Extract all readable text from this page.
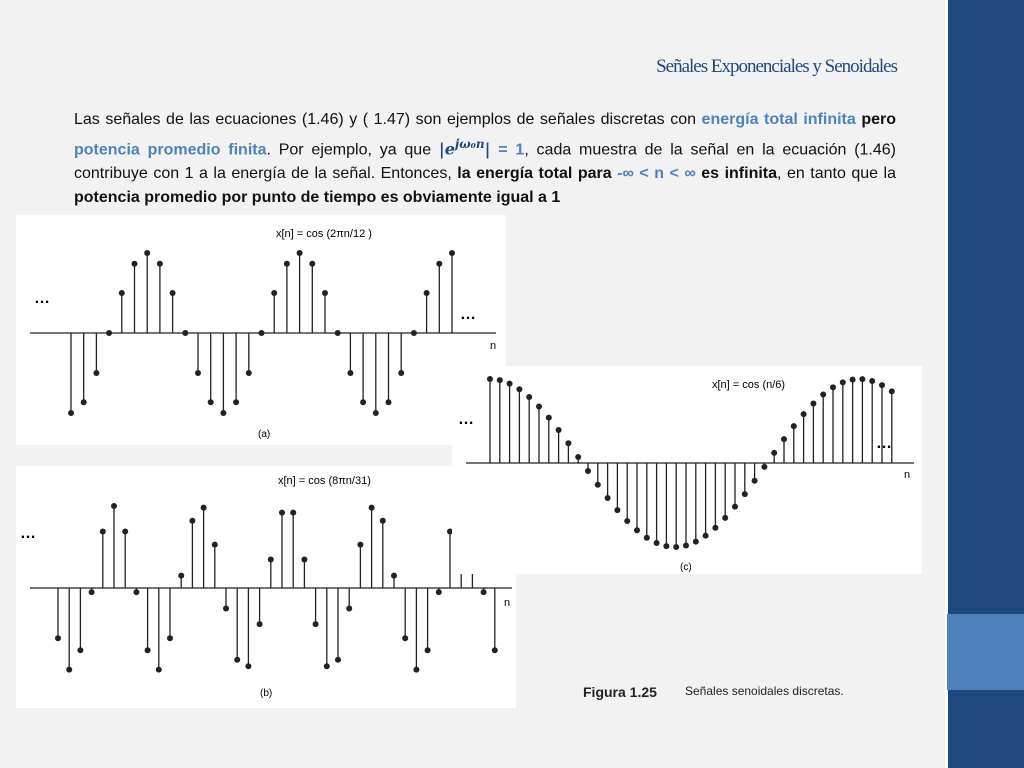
Señales Exponenciales y Senoidales
Las señales de las ecuaciones (1.46) y ( 1.47) son ejemplos de señales discretas con energía total infinita pero potencia promedio finita. Por ejemplo, ya que $|e^{j\omega_0n}| = 1$, cada muestra de la señal en la ecuación (1.46) contribuye con 1 a la energía de la señal. Entonces, la energía total para -∞ < n < ∞ es infinita, en tanto que la potencia promedio por punto de tiempo es obviamente igual a 1
x[n] = cos (2πn/12 )
n
…
…
(a)
x[n] = cos (8πn/31)
n
…
(b)
x[n] = cos (n/6)
n
…
…
(c)
Figura 1.25 Señales senoidales discretas.
